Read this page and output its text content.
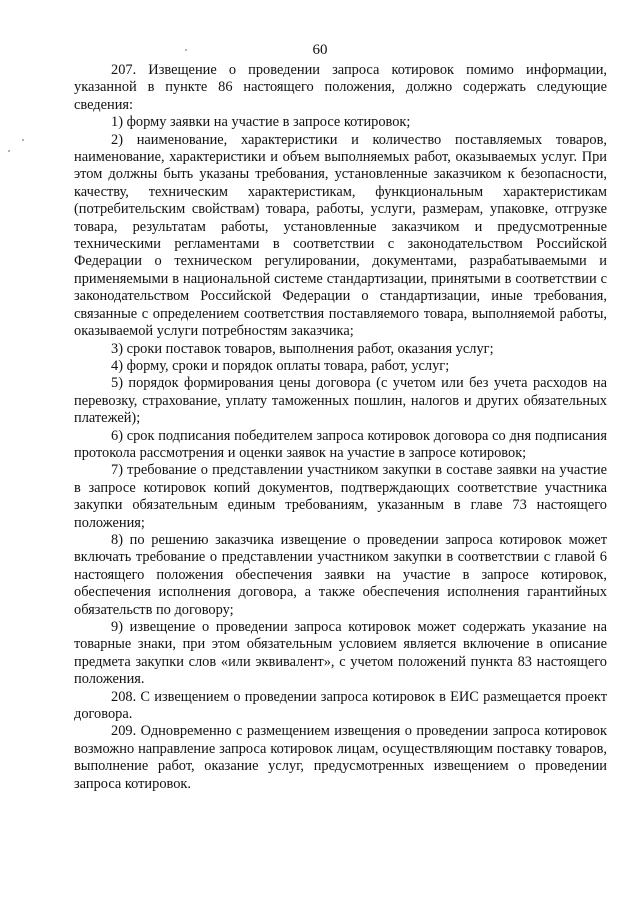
60

207. Извещение о проведении запроса котировок помимо информации, указанной в пункте 86 настоящего положения, должно содержать следующие сведения:

1) форму заявки на участие в запросе котировок;

2) наименование, характеристики и количество поставляемых товаров, наименование, характеристики и объем выполняемых работ, оказываемых услуг. При этом должны быть указаны требования, установленные заказчиком к безопасности, качеству, техническим характеристикам, функциональным характеристикам (потребительским свойствам) товара, работы, услуги, размерам, упаковке, отгрузке товара, результатам работы, установленные заказчиком и предусмотренные техническими регламентами в соответствии с законодательством Российской Федерации о техническом регулировании, документами, разрабатываемыми и применяемыми в национальной системе стандартизации, принятыми в соответствии с законодательством Российской Федерации о стандартизации, иные требования, связанные с определением соответствия поставляемого товара, выполняемой работы, оказываемой услуги потребностям заказчика;

3) сроки поставок товаров, выполнения работ, оказания услуг;

4) форму, сроки и порядок оплаты товара, работ, услуг;

5) порядок формирования цены договора (с учетом или без учета расходов на перевозку, страхование, уплату таможенных пошлин, налогов и других обязательных платежей);

6) срок подписания победителем запроса котировок договора со дня подписания протокола рассмотрения и оценки заявок на участие в запросе котировок;

7) требование о представлении участником закупки в составе заявки на участие в запросе котировок копий документов, подтверждающих соответствие участника закупки обязательным единым требованиям, указанным в главе 73 настоящего положения;

8) по решению заказчика извещение о проведении запроса котировок может включать требование о представлении участником закупки в соответствии с главой 6 настоящего положения обеспечения заявки на участие в запросе котировок, обеспечения исполнения договора, а также обеспечения исполнения гарантийных обязательств по договору;

9) извещение о проведении запроса котировок может содержать указание на товарные знаки, при этом обязательным условием является включение в описание предмета закупки слов «или эквивалент», с учетом положений пункта 83 настоящего положения.

208. С извещением о проведении запроса котировок в ЕИС размещается проект договора.

209. Одновременно с размещением извещения о проведении запроса котировок возможно направление запроса котировок лицам, осуществляющим поставку товаров, выполнение работ, оказание услуг, предусмотренных извещением о проведении запроса котировок.
